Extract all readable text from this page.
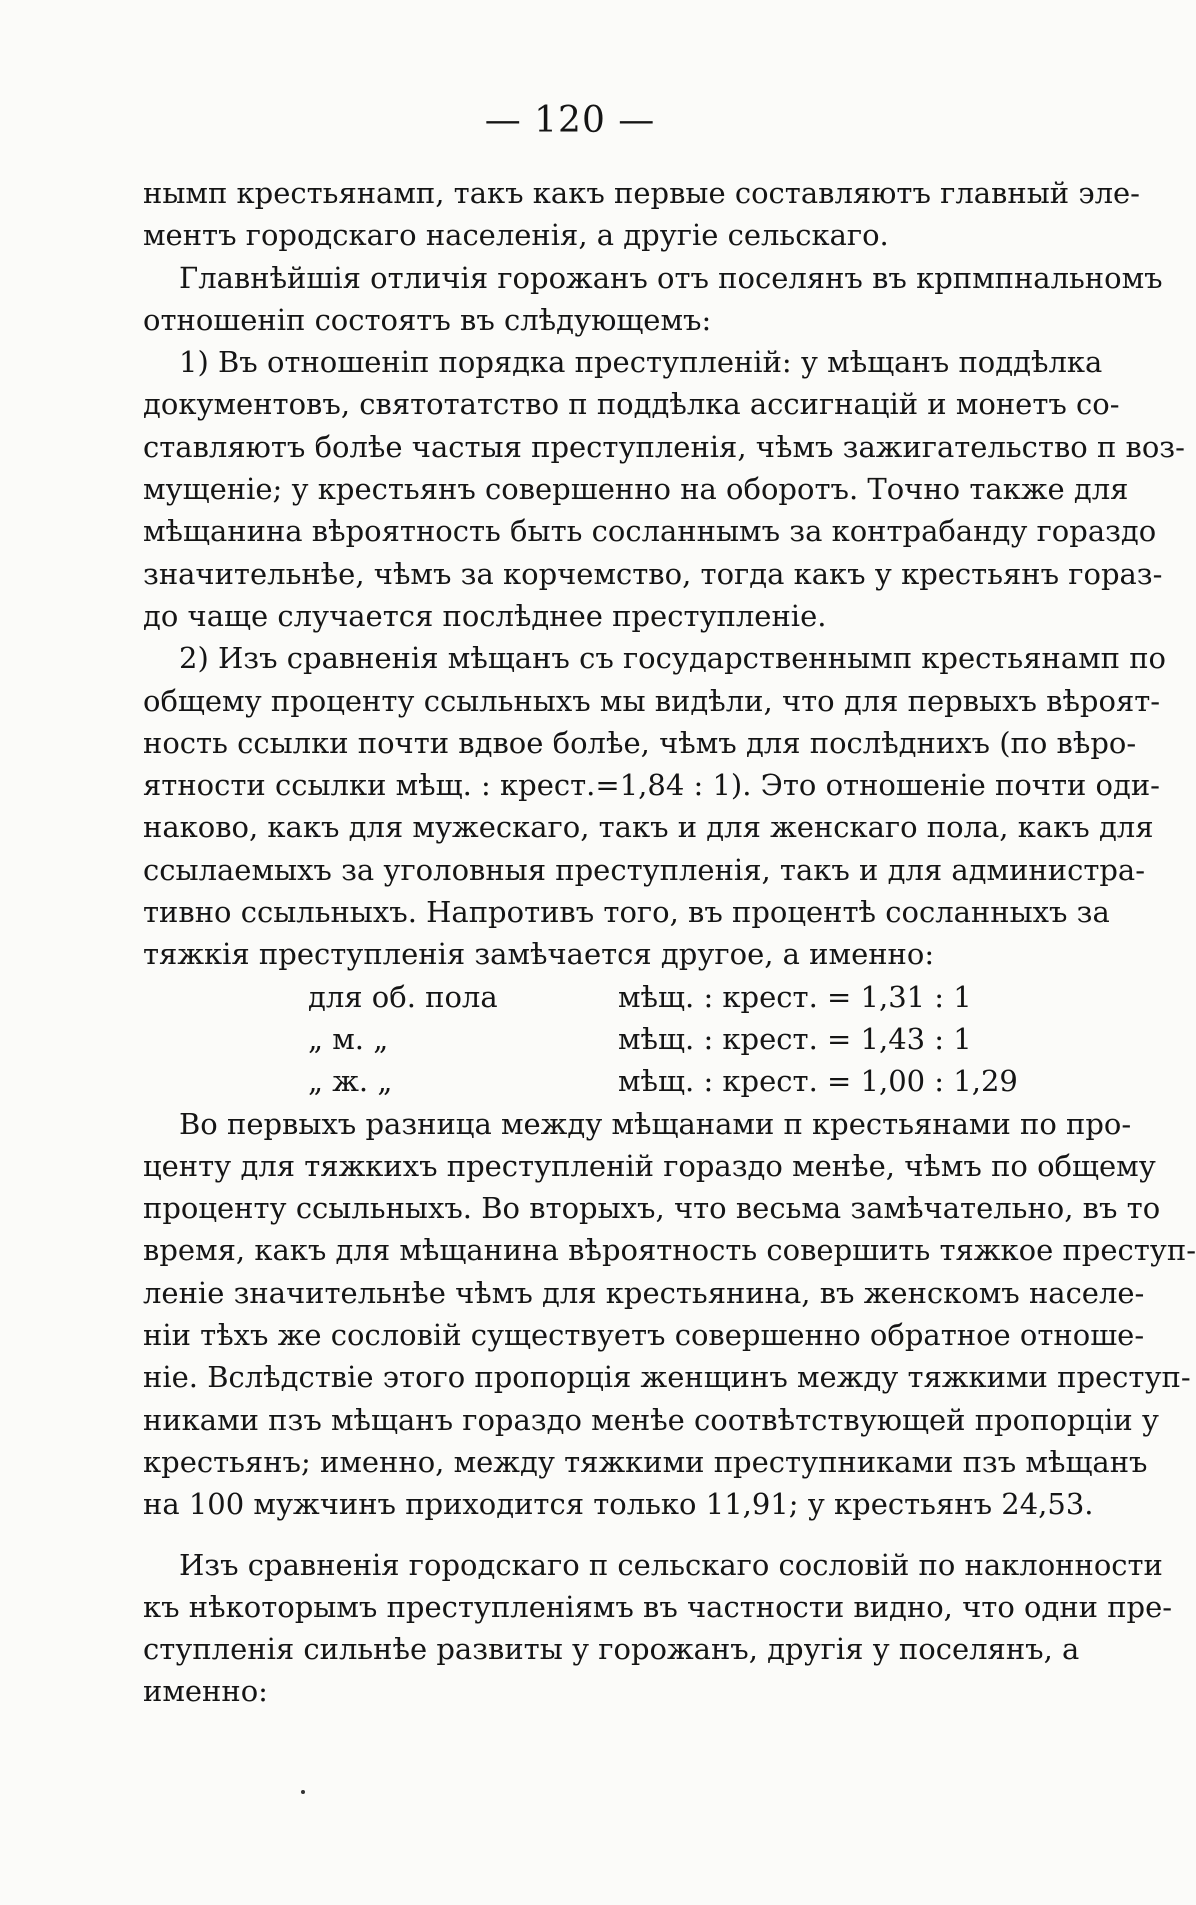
— 120 —
нымп крестьянамп, такъ какъ первые составляютъ главный эле-
ментъ городскаго населенія, а другіе сельскаго.
Главнѣйшія отличія горожанъ отъ поселянъ въ крпмпнальномъ
отношеніп состоятъ въ слѣдующемъ:
1) Въ отношеніп порядка преступленій: у мѣщанъ поддѣлка
документовъ, святотатство п поддѣлка ассигнацій и монетъ со-
ставляютъ болѣе частыя преступленія, чѣмъ зажигательство п воз-
мущеніе; у крестьянъ совершенно на оборотъ. Точно также для
мѣщанина вѣроятность быть сосланнымъ за контрабанду гораздо
значительнѣе, чѣмъ за корчемство, тогда какъ у крестьянъ гораз-
до чаще случается послѣднее преступленіе.
2) Изъ сравненія мѣщанъ съ государственнымп крестьянамп по
общему проценту ссыльныхъ мы видѣли, что для первыхъ вѣроят-
ность ссылки почти вдвое болѣе, чѣмъ для послѣднихъ (по вѣро-
ятности ссылки мѣщ. : крест.=1,84 : 1). Это отношеніе почти оди-
наково, какъ для мужескаго, такъ и для женскаго пола, какъ для
ссылаемыхъ за уголовныя преступленія, такъ и для администра-
тивно ссыльныхъ. Напротивъ того, въ процентѣ сосланныхъ за
тяжкія преступленія замѣчается другое, а именно:
для об. пола	мѣщ. : крест. = 1,31 : 1
„ м. „	мѣщ. : крест. = 1,43 : 1
„ ж. „	мѣщ. : крест. = 1,00 : 1,29
Во первыхъ разница между мѣщанами п крестьянами по про-
центу для тяжкихъ преступленій гораздо менѣе, чѣмъ по общему
проценту ссыльныхъ. Во вторыхъ, что весьма замѣчательно, въ то
время, какъ для мѣщанина вѣроятность совершить тяжкое преступ-
леніе значительнѣе чѣмъ для крестьянина, въ женскомъ населе-
ніи тѣхъ же сословій существуетъ совершенно обратное отноше-
ніе. Вслѣдствіе этого пропорція женщинъ между тяжкими преступ-
никами пзъ мѣщанъ гораздо менѣе соотвѣтствующей пропорціи у
крестьянъ; именно, между тяжкими преступниками пзъ мѣщанъ
на 100 мужчинъ приходится только 11,91; у крестьянъ 24,53.
Изъ сравненія городскаго п сельскаго сословій по наклонности
къ нѣкоторымъ преступленіямъ въ частности видно, что одни пре-
ступленія сильнѣе развиты у горожанъ, другія у поселянъ, а
именно:
